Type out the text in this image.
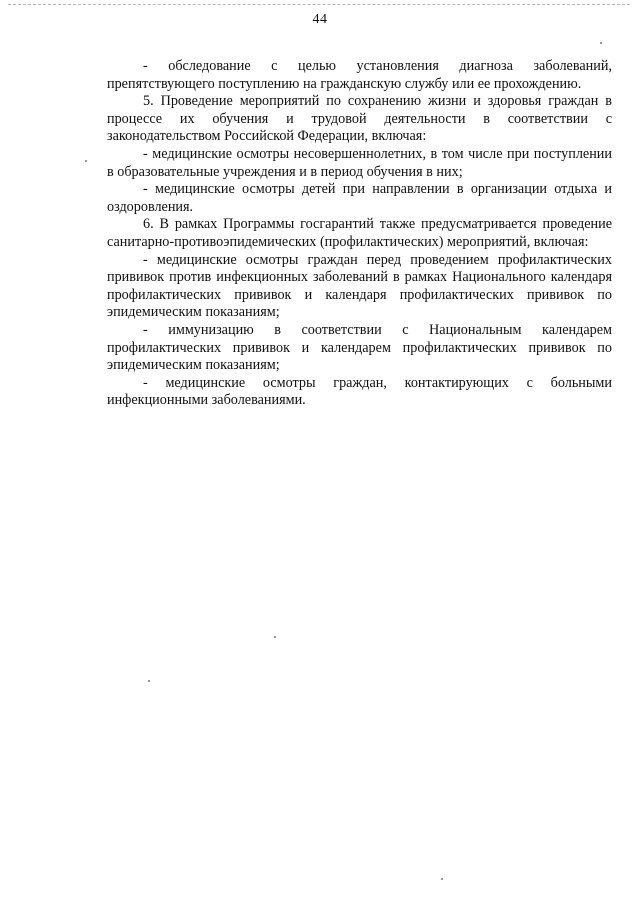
44

- обследование с целью установления диагноза заболеваний, препятствующего поступлению на гражданскую службу или ее прохождению.

5. Проведение мероприятий по сохранению жизни и здоровья граждан в процессе их обучения и трудовой деятельности в соответствии с законодательством Российской Федерации, включая:

- медицинские осмотры несовершеннолетних, в том числе при поступлении в образовательные учреждения и в период обучения в них;

- медицинские осмотры детей при направлении в организации отдыха и оздоровления.

6. В рамках Программы госгарантий также предусматривается проведение санитарно-противоэпидемических (профилактических) мероприятий, включая:

- медицинские осмотры граждан перед проведением профилактических прививок против инфекционных заболеваний в рамках Национального календаря профилактических прививок и календаря профилактических прививок по эпидемическим показаниям;

- иммунизацию в соответствии с Национальным календарем профилактических прививок и календарем профилактических прививок по эпидемическим показаниям;

- медицинские осмотры граждан, контактирующих с больными инфекционными заболеваниями.
